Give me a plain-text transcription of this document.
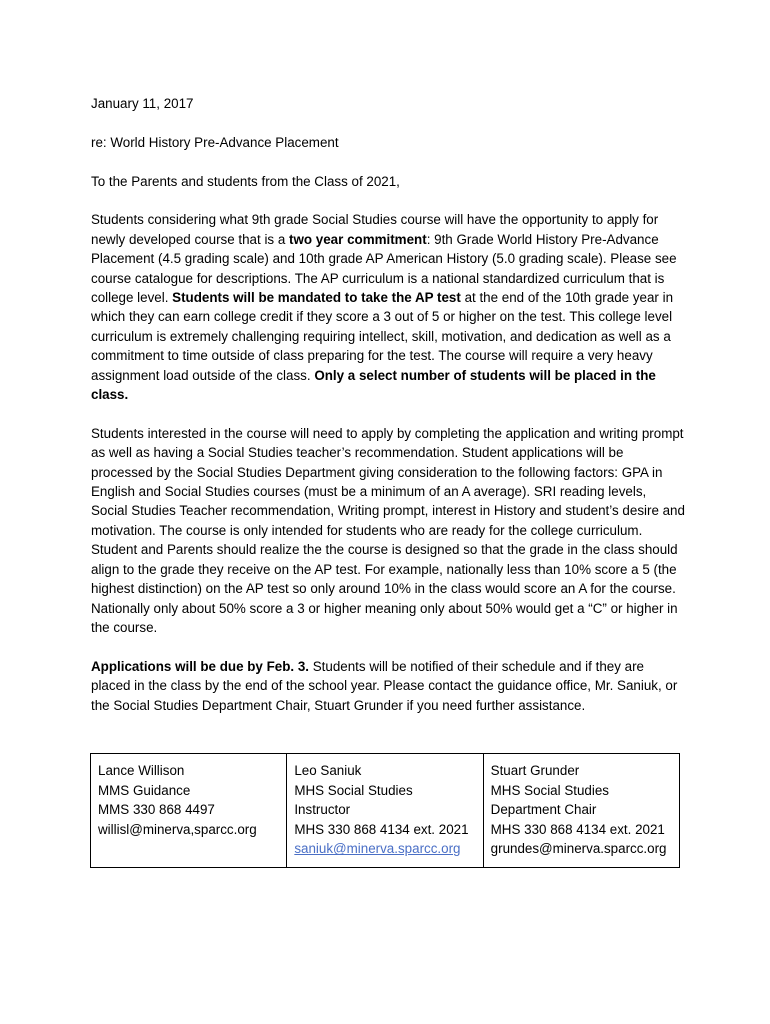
January 11, 2017

re: World History Pre-Advance Placement

To the Parents and students from the Class of 2021,

Students considering what 9th grade Social Studies course will have the opportunity to apply for newly developed course that is a two year commitment: 9th Grade World History Pre-Advance Placement (4.5 grading scale) and 10th grade AP American History (5.0 grading scale). Please see course catalogue for descriptions. The AP curriculum is a national standardized curriculum that is college level. Students will be mandated to take the AP test at the end of the 10th grade year in which they can earn college credit if they score a 3 out of 5 or higher on the test. This college level curriculum is extremely challenging requiring intellect, skill, motivation, and dedication as well as a commitment to time outside of class preparing for the test. The course will require a very heavy assignment load outside of the class. Only a select number of students will be placed in the class.

Students interested in the course will need to apply by completing the application and writing prompt as well as having a Social Studies teacher’s recommendation. Student applications will be processed by the Social Studies Department giving consideration to the following factors: GPA in English and Social Studies courses (must be a minimum of an A average). SRI reading levels, Social Studies Teacher recommendation, Writing prompt, interest in History and student’s desire and motivation. The course is only intended for students who are ready for the college curriculum. Student and Parents should realize the the course is designed so that the grade in the class should align to the grade they receive on the AP test. For example, nationally less than 10% score a 5 (the highest distinction) on the AP test so only around 10% in the class would score an A for the course. Nationally only about 50% score a 3 or higher meaning only about 50% would get a “C” or higher in the course.

Applications will be due by Feb. 3. Students will be notified of their schedule and if they are placed in the class by the end of the school year. Please contact the guidance office, Mr. Saniuk, or the Social Studies Department Chair, Stuart Grunder if you need further assistance.

Lance Willison
MMS Guidance
MMS 330 868 4497
willisl@minerva,sparcc.org

Leo Saniuk
MHS Social Studies
Instructor
MHS 330 868 4134 ext. 2021
saniuk@minerva.sparcc.org

Stuart Grunder
MHS Social Studies
Department Chair
MHS 330 868 4134 ext. 2021
grundes@minerva.sparcc.org
